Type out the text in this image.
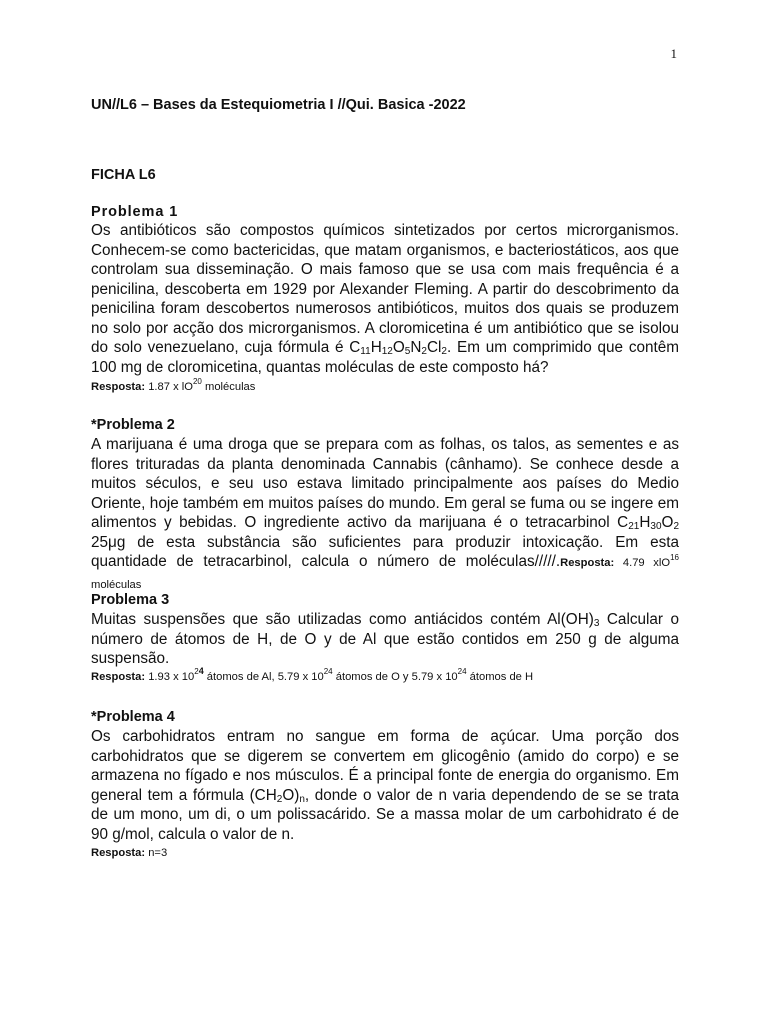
1
UN//L6 – Bases da Estequiometria I //Qui. Basica -2022
FICHA L6
Problema 1
Os antibióticos são compostos químicos sintetizados por certos microrganismos. Conhecem-se como bactericidas, que matam organismos, e bacteriostáticos, aos que controlam sua disseminação. O mais famoso que se usa com mais frequência é a penicilina, descoberta em 1929 por Alexander Fleming. A partir do descobrimento da penicilina foram descobertos numerosos antibióticos, muitos dos quais se produzem no solo por acção dos microrganismos. A cloromicetina é um antibiótico que se isolou do solo venezuelano, cuja fórmula é $C_{11}H_{12}O_5N_2Cl_2$. Em um comprimido que contêm 100 mg de cloromicetina, quantas moléculas de este composto há?
Resposta: 1.87 x $lO^{20}$ moléculas
*Problema 2
A marijuana é uma droga que se prepara com as folhas, os talos, as sementes e as flores trituradas da planta denominada Cannabis (cânhamo). Se conhece desde a muitos séculos, e seu uso estava limitado principalmente aos países do Medio Oriente, hoje também em muitos países do mundo. Em geral se fuma ou se ingere em alimentos y bebidas. O ingrediente activo da marijuana é o tetracarbinol $C_{21}H_{30}O_2$ 25μg de esta substância são suficientes para produzir intoxicação. Em esta quantidade de tetracarbinol, calcula o número de moléculas/////.Resposta: 4.79 xlO$^{16}$ moléculas
Problema 3
Muitas suspensões que são utilizadas como antiácidos contém $Al(OH)_3$ Calcular o número de átomos de H, de O y de Al que estão contidos em 250 g de alguma suspensão.
Resposta: 1.93 x $10^{24}$ átomos de Al, 5.79 x $10^{24}$ átomos de O y 5.79 x $10^{24}$ átomos de H
*Problema 4
Os carbohidratos entram no sangue em forma de açúcar. Uma porção dos carbohidratos que se digerem se convertem em glicogênio (amido do corpo) e se armazena no fígado e nos músculos. É a principal fonte de energia do organismo. Em general tem a fórmula $(CH_2O)_n$, donde o valor de n varia dependendo de se se trata de um mono, um di, o um polissacárido. Se a massa molar de um carbohidrato é de 90 g/mol, calcula o valor de n.
Resposta: n=3
